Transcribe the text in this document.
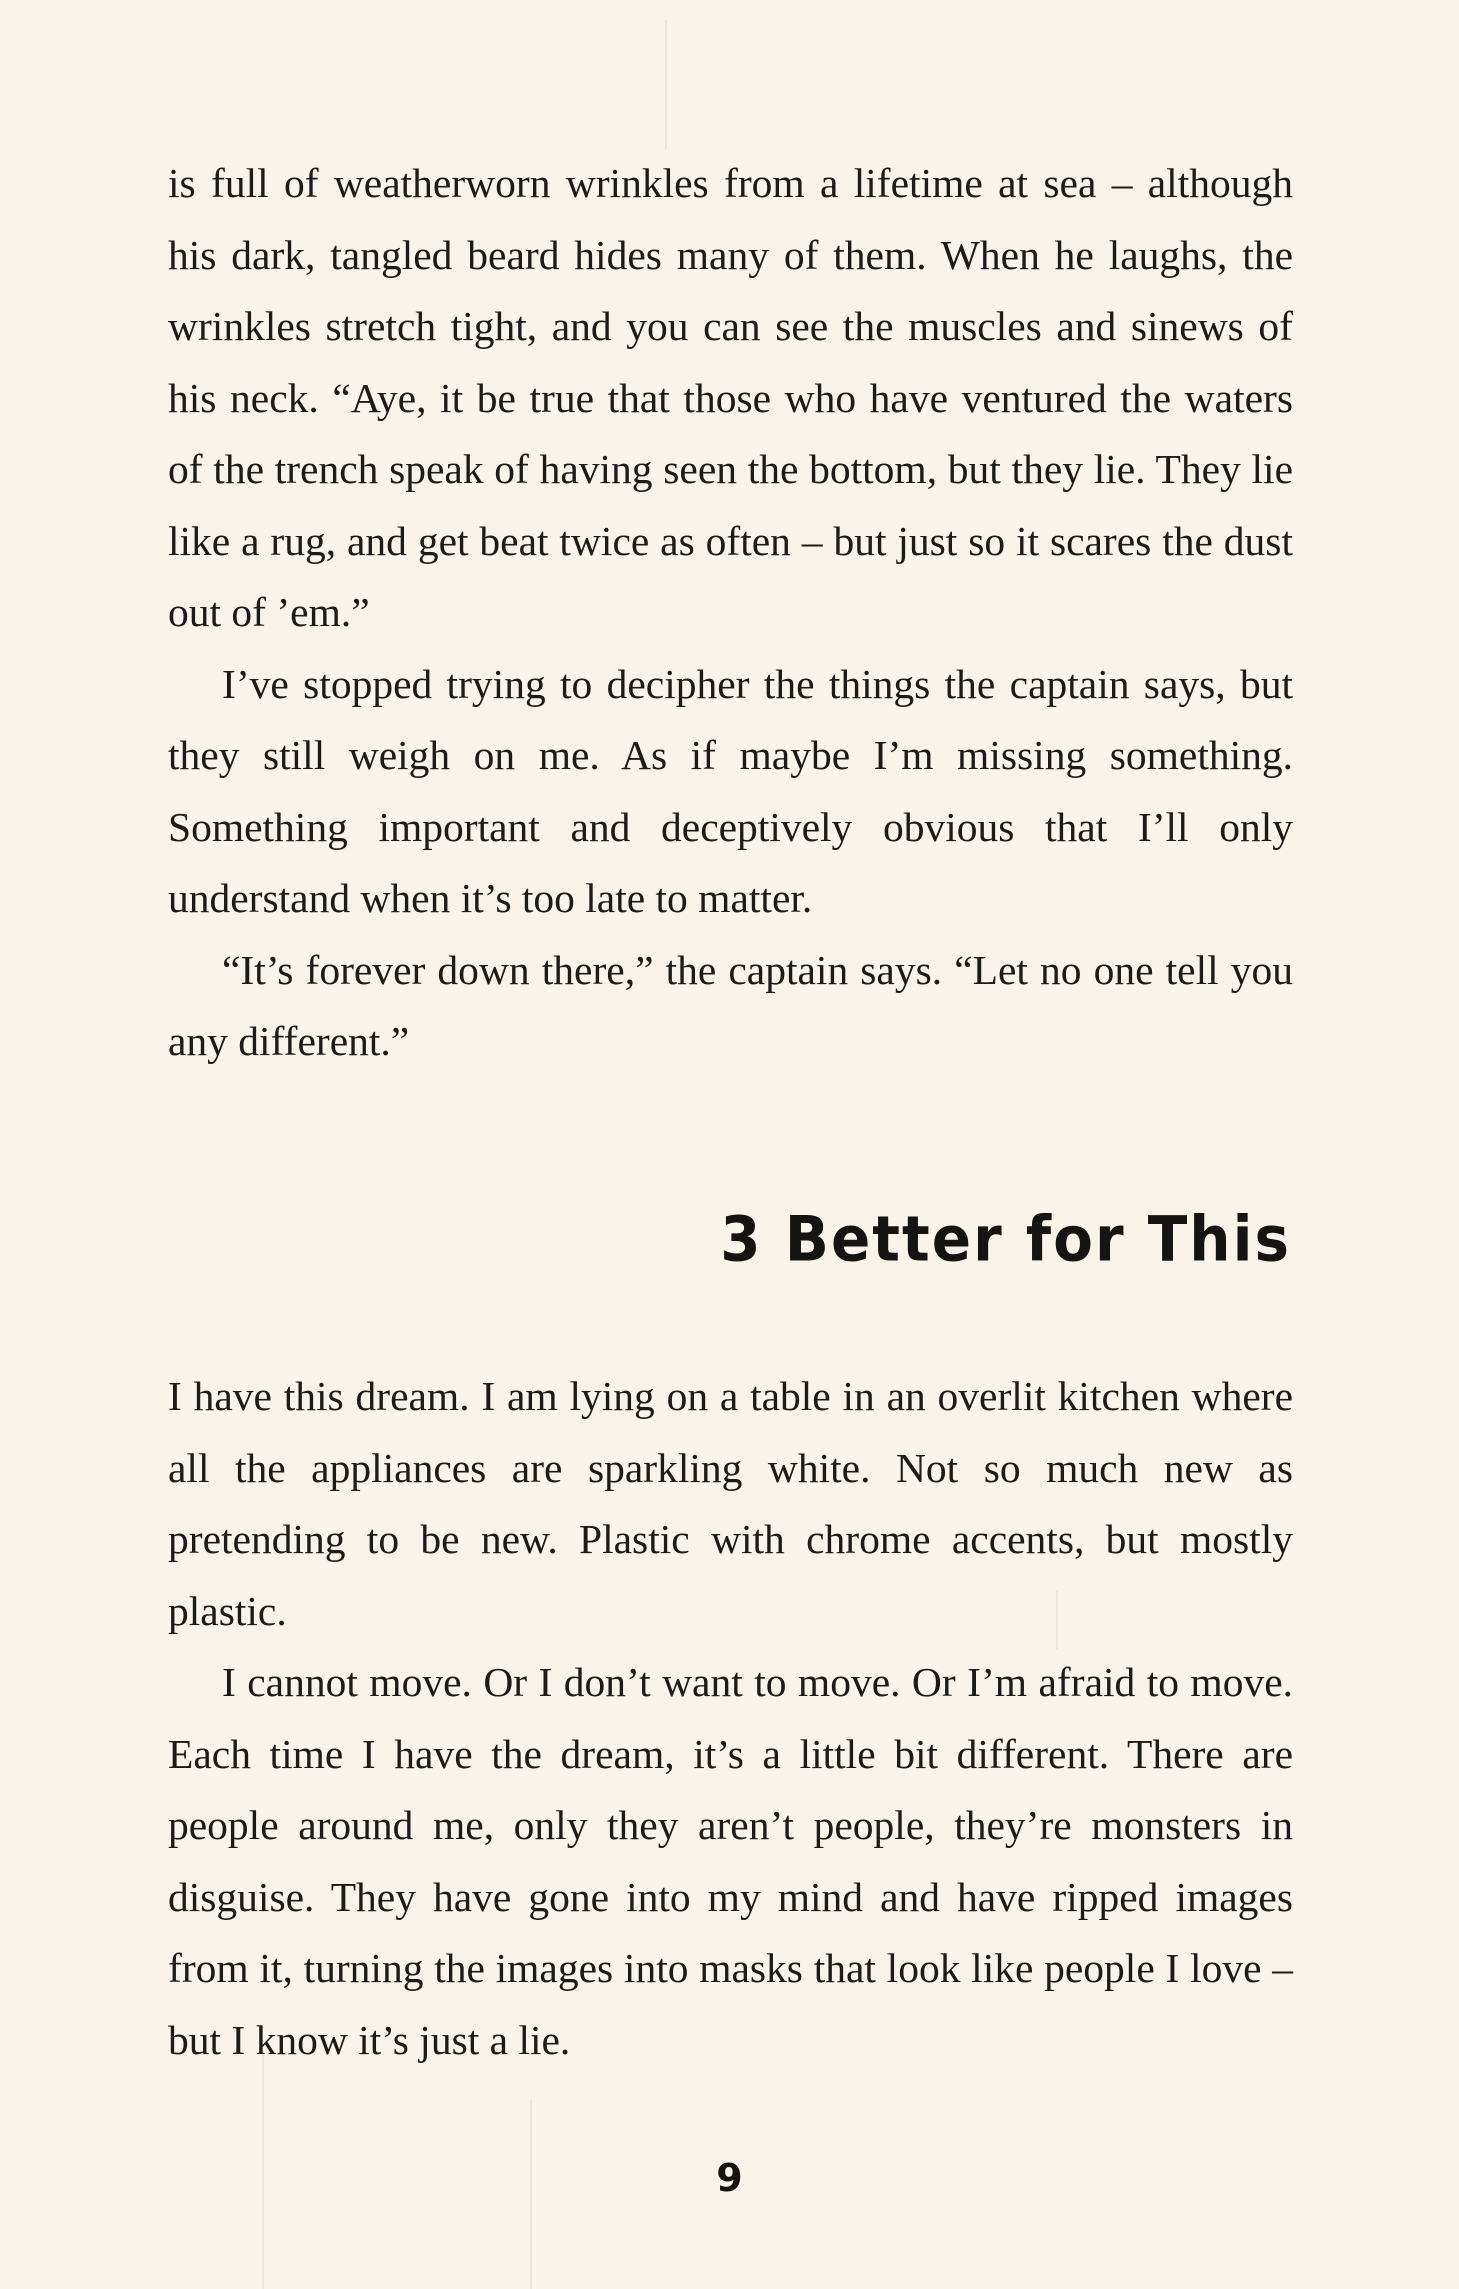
is full of weatherworn wrinkles from a lifetime at sea – although his dark, tangled beard hides many of them. When he laughs, the wrinkles stretch tight, and you can see the muscles and sinews of his neck. “Aye, it be true that those who have ventured the waters of the trench speak of having seen the bottom, but they lie. They lie like a rug, and get beat twice as often – but just so it scares the dust out of ’em.”

I’ve stopped trying to decipher the things the captain says, but they still weigh on me. As if maybe I’m missing something. Something important and deceptively obvious that I’ll only understand when it’s too late to matter.

“It’s forever down there,” the captain says. “Let no one tell you any different.”

3 Better for This

I have this dream. I am lying on a table in an overlit kitchen where all the appliances are sparkling white. Not so much new as pretending to be new. Plastic with chrome accents, but mostly plastic.

I cannot move. Or I don’t want to move. Or I’m afraid to move. Each time I have the dream, it’s a little bit different. There are people around me, only they aren’t people, they’re monsters in disguise. They have gone into my mind and have ripped images from it, turning the images into masks that look like people I love – but I know it’s just a lie.

9
